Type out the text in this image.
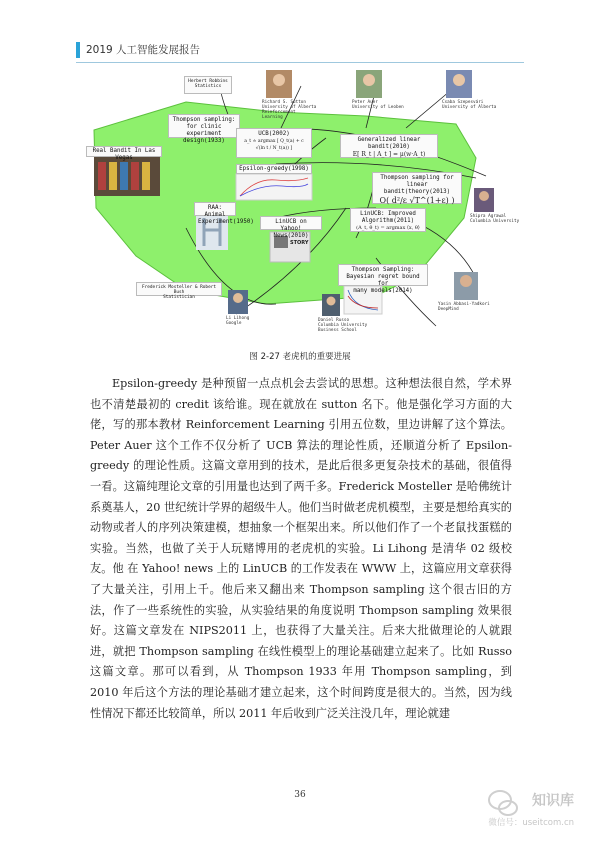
2019 人工智能发展报告
STORY
Herbert Robbins
Statistics
Real Bandit In Las Vegas
Thompson sampling:
for clinic experiment
design(1933)
Epsilon-greedy(1998)
UCB(2002)
a_t ≐ argmax [ Q_t(a) + c √(ln t / N_t(a)) ]
Generalized linear bandit(2010)
E[ R_t | A_t ] = μ(w·A_t)
Thompson sampling for linear
bandit(theory(2013)
O( d²/ε √T^(1+ε) )
LinUCB: Improved
Algorithm(2011)
(A_t, θ_t) = argmax ⟨x, θ⟩
RAA: Animal
Experiment(1950)	LinUCB on Yahoo!
News(2010)
Thompson Sampling:
Bayesian regret bound for
many models(2014)
Frederick Mosteller & Robert Bush
Statistician
Richard S. Sutton
University of Alberta
Reinforcement Learning
Peter Auer
University of Leoben
Csaba Szepesvári
University of Alberta
Shipra Agrawal
Columbia University
Li Lihong
Google
Daniel Russo
Columbia University
Business School
Yasin Abbasi-Yadkori
DeepMind
图 2-27 老虎机的重要进展

Epsilon-greedy 是种预留一点点机会去尝试的思想。这种想法很自然，学术界也不清楚最初的 credit 该给谁。现在就放在 sutton 名下。他是强化学习方面的大佬，写的那本教材 Reinforcement Learning 引用五位数，里边讲解了这个算法。Peter Auer 这个工作不仅分析了 UCB 算法的理论性质，还顺道分析了 Epsilon-greedy 的理论性质。这篇文章用到的技术，是此后很多更复杂技术的基础，很值得一看。这篇纯理论文章的引用量也达到了两千多。Frederick Mosteller 是哈佛统计系奠基人，20 世纪统计学界的超级牛人。他们当时做老虎机模型，主要是想给真实的动物或者人的序列决策建模，想抽象一个框架出来。所以他们作了一个老鼠找蛋糕的实验。当然，也做了关于人玩赌博用的老虎机的实验。Li Lihong 是清华 02 级校友。他 在 Yahoo! news 上的 LinUCB 的工作发表在 WWW 上，这篇应用文章获得了大量关注，引用上千。他后来又翻出来 Thompson sampling 这个很古旧的方法，作了一些系统性的实验，从实验结果的角度说明 Thompson sampling 效果很好。这篇文章发在 NIPS2011 上，也获得了大量关注。后来大批做理论的人就跟进，就把 Thompson sampling 在线性模型上的理论基础建立起来了。比如 Russo 这篇文章。那可以看到，从 Thompson 1933 年用 Thompson sampling，到 2010 年后这个方法的理论基础才建立起来，这个时间跨度是很大的。当然，因为线性情况下都还比较简单，所以 2011 年后收到广泛关注没几年，理论就建

36	知识库
微信号：useitcom.cn
